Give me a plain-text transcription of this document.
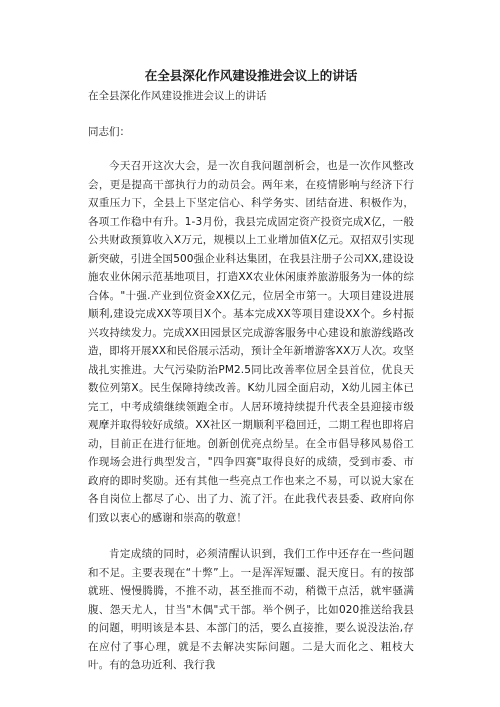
在全县深化作风建设推进会议上的讲话

在全县深化作风建设推进会议上的讲话

同志们：

今天召开这次大会，是一次自我问题剖析会，也是一次作风整改会，更是提高干部执行力的动员会。两年来，在疫情影响与经济下行双重压力下，全县上下坚定信心、科学务实、团结奋进、积极作为，各项工作稳中有升。1-3月份，我县完成固定资产投资完成X亿，一般公共财政预算收入X万元，规模以上工业增加值X亿元。双招双引实现新突破，引进全国500强企业科达集团，在我县注册子公司XX,建设设施农业休闲示范基地项目，打造XX农业休闲康养旅游服务为一体的综合体。"十强.产业到位资金XX亿元，位居全市第一。大项目建设进展顺利,建设完成XX等项目X个。基本完成XX等项目建设XX个。乡村振兴攻持续发力。完成XX田园景区完成游客服务中心建设和旅游线路改造，即将开展XX和民俗展示活动，预计全年新增游客XX万人次。攻坚战扎实推进。大气污染防治PM2.5同比改善率位居全县首位，优良天数位列第X。民生保障持续改善。K幼儿园全面启动，X幼儿园主体已完工，中考成绩继续领跑全市。人居环境持续提升代表全县迎接市级观摩并取得较好成绩。XX社区一期顺利平稳回迁，二期工程也即将启动，目前正在进行征地。创新创优亮点纷呈。在全市倡导移风易俗工作现场会进行典型发言，"四争四赛"取得良好的成绩，受到市委、市政府的即时奖励。还有其他一些亮点工作也来之不易，可以说大家在各自岗位上都尽了心、出了力、流了汗。在此我代表县委、政府向你们致以衷心的感谢和崇高的敬意！

肯定成绩的同时，必须清醒认识到，我们工作中还存在一些问题和不足。主要表现在“十弊”上。一是浑浑短噩、混天度日。有的按部就班、慢慢腾腾，不推不动，甚至推而不动，稍微干点活，就牢骚满腹、怨天尤人，甘当"木偶"式干部。举个例子，比如020推送给我县的问题，明明该是本县、本部门的活，要么直接推，要么说没法治,存在应付了事心理，就是不去解决实际问题。二是大而化之、粗枝大叶。有的急功近利、我行我
